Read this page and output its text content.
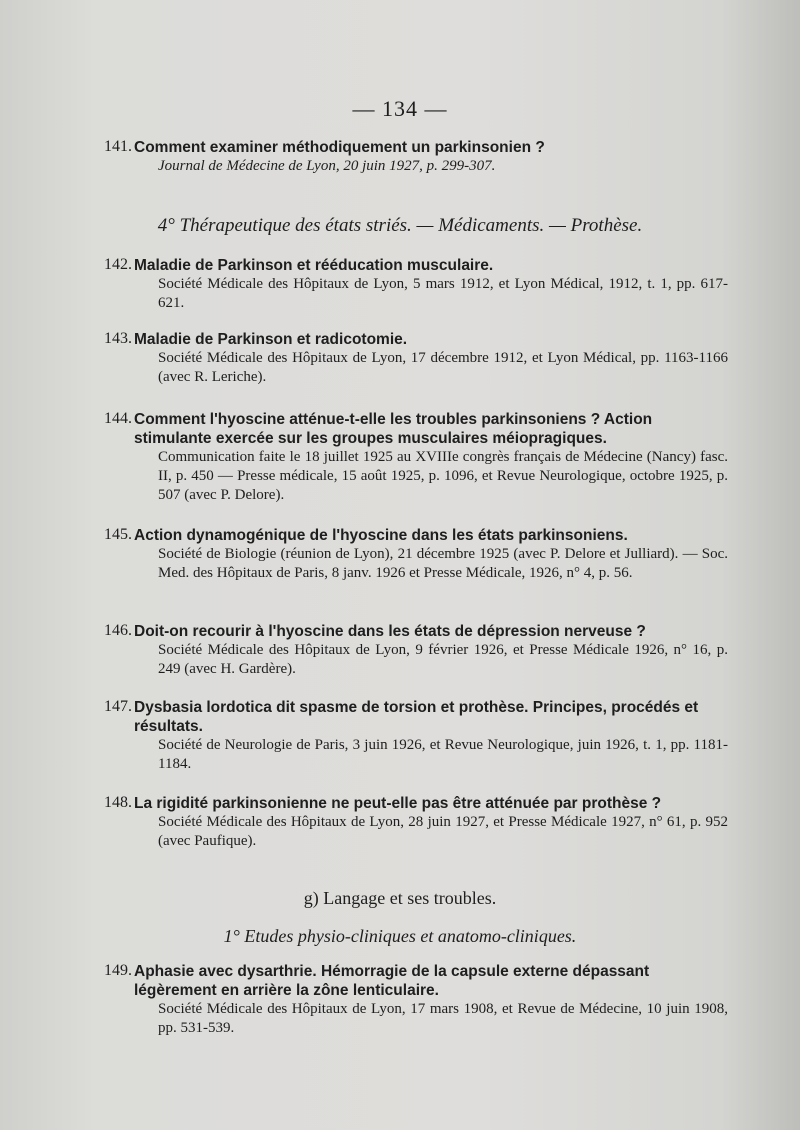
— 134 —
141. Comment examiner méthodiquement un parkinsonien ?
Journal de Médecine de Lyon, 20 juin 1927, p. 299-307.
4° Thérapeutique des états striés. — Médicaments. — Prothèse.
142. Maladie de Parkinson et rééducation musculaire.
Société Médicale des Hôpitaux de Lyon, 5 mars 1912, et Lyon Médical, 1912, t. 1, pp. 617-621.
143. Maladie de Parkinson et radicotomie.
Société Médicale des Hôpitaux de Lyon, 17 décembre 1912, et Lyon Médical, pp. 1163-1166 (avec R. Leriche).
144. Comment l'hyoscine atténue-t-elle les troubles parkinsoniens ? Action stimulante exercée sur les groupes musculaires méiopragiques.
Communication faite le 18 juillet 1925 au XVIIIe congrès français de Médecine (Nancy) fasc. II, p. 450 — Presse médicale, 15 août 1925, p. 1096, et Revue Neurologique, octobre 1925, p. 507 (avec P. Delore).
145. Action dynamogénique de l'hyoscine dans les états parkinsoniens.
Société de Biologie (réunion de Lyon), 21 décembre 1925 (avec P. Delore et Julliard). — Soc. Med. des Hôpitaux de Paris, 8 janv. 1926 et Presse Médicale, 1926, n° 4, p. 56.
146. Doit-on recourir à l'hyoscine dans les états de dépression nerveuse ?
Société Médicale des Hôpitaux de Lyon, 9 février 1926, et Presse Médicale 1926, n° 16, p. 249 (avec H. Gardère).
147. Dysbasia lordotica dit spasme de torsion et prothèse. Principes, procédés et résultats.
Société de Neurologie de Paris, 3 juin 1926, et Revue Neurologique, juin 1926, t. 1, pp. 1181-1184.
148. La rigidité parkinsonienne ne peut-elle pas être atténuée par prothèse ?
Société Médicale des Hôpitaux de Lyon, 28 juin 1927, et Presse Médicale 1927, n° 61, p. 952 (avec Paufique).
g) Langage et ses troubles.
1° Etudes physio-cliniques et anatomo-cliniques.
149. Aphasie avec dysarthrie. Hémorragie de la capsule externe dépassant légèrement en arrière la zône lenticulaire.
Société Médicale des Hôpitaux de Lyon, 17 mars 1908, et Revue de Médecine, 10 juin 1908, pp. 531-539.
